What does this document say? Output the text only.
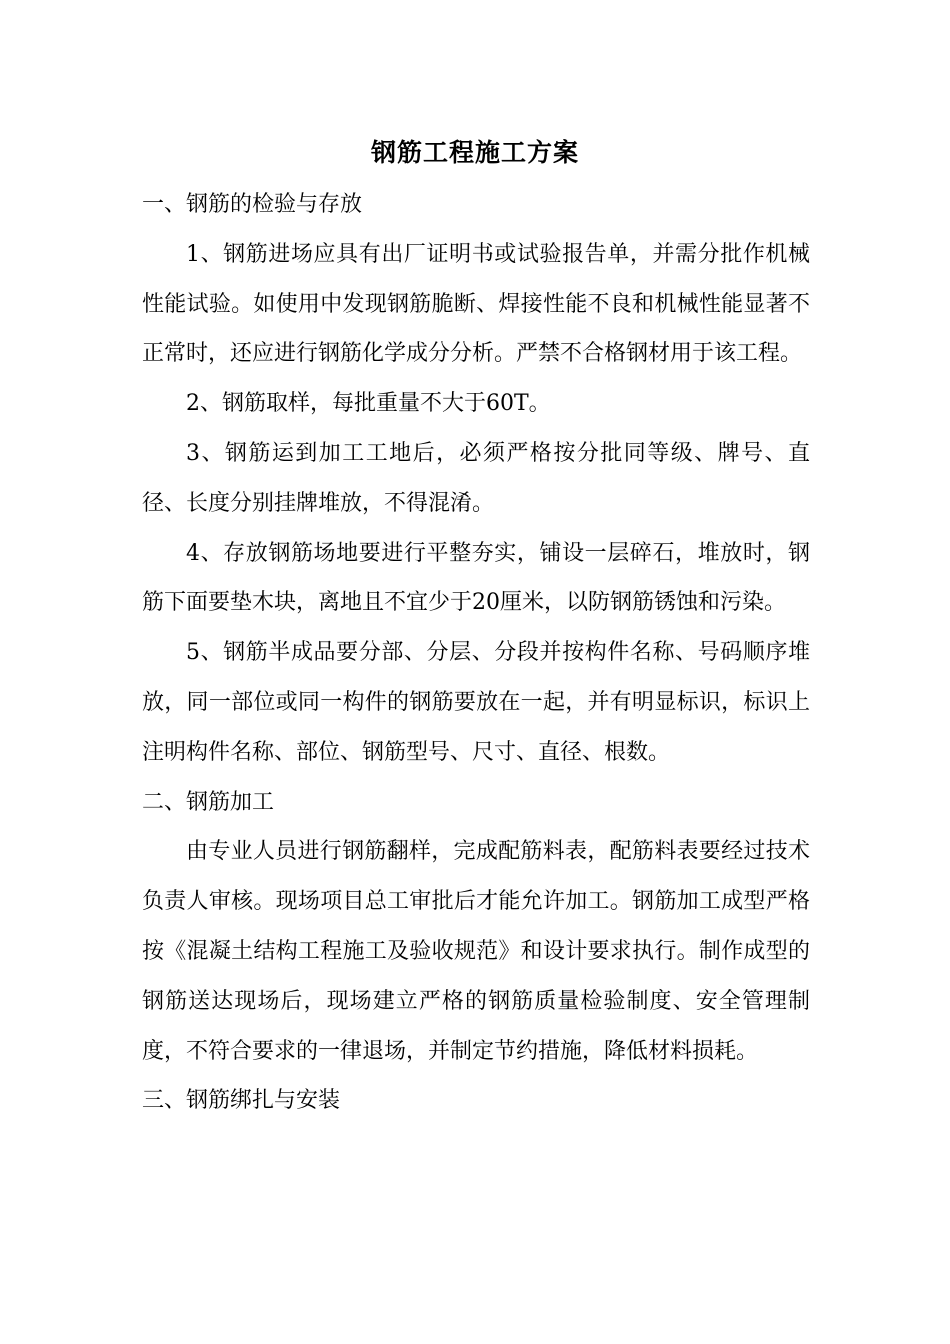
钢筋工程施工方案
一、钢筋的检验与存放

1、钢筋进场应具有出厂证明书或试验报告单，并需分批作机械性能试验。如使用中发现钢筋脆断、焊接性能不良和机械性能显著不正常时，还应进行钢筋化学成分分析。严禁不合格钢材用于该工程。

2、钢筋取样，每批重量不大于60T。

3、钢筋运到加工工地后，必须严格按分批同等级、牌号、直径、长度分别挂牌堆放，不得混淆。

4、存放钢筋场地要进行平整夯实，铺设一层碎石，堆放时，钢筋下面要垫木块，离地且不宜少于20厘米，以防钢筋锈蚀和污染。

5、钢筋半成品要分部、分层、分段并按构件名称、号码顺序堆放，同一部位或同一构件的钢筋要放在一起，并有明显标识，标识上注明构件名称、部位、钢筋型号、尺寸、直径、根数。

二、钢筋加工

由专业人员进行钢筋翻样，完成配筋料表，配筋料表要经过技术负责人审核。现场项目总工审批后才能允许加工。钢筋加工成型严格按《混凝土结构工程施工及验收规范》和设计要求执行。制作成型的钢筋送达现场后，现场建立严格的钢筋质量检验制度、安全管理制度，不符合要求的一律退场，并制定节约措施，降低材料损耗。

三、钢筋绑扎与安装
